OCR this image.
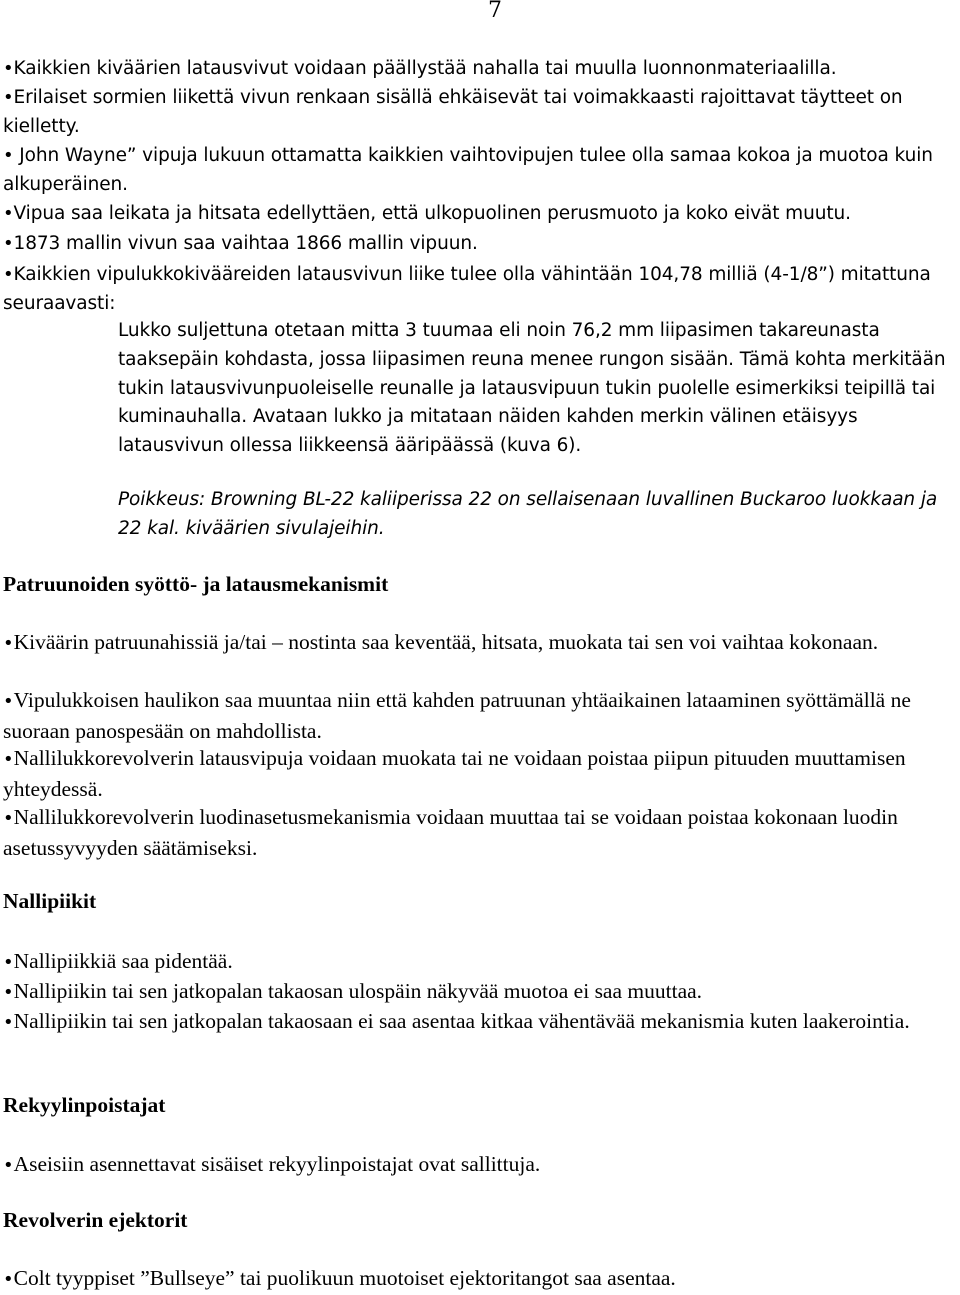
7

•Kaikkien kiväärien latausvivut voidaan päällystää nahalla tai muulla luonnonmateriaalilla.

•Erilaiset sormien liikettä vivun renkaan sisällä ehkäisevät tai voimakkaasti rajoittavat täytteet on kielletty.

• John Wayne” vipuja lukuun ottamatta kaikkien vaihtovipujen tulee olla samaa kokoa ja muotoa kuin alkuperäinen.

•Vipua saa leikata ja hitsata edellyttäen, että ulkopuolinen perusmuoto ja koko eivät muutu.

•1873 mallin vivun saa vaihtaa 1866 mallin vipuun.

•Kaikkien vipulukkokivääreiden latausvivun liike tulee olla vähintään 104,78 milliä (4-1/8”) mitattuna seuraavasti:

Lukko suljettuna otetaan mitta 3 tuumaa eli noin 76,2 mm liipasimen takareunasta taaksepäin kohdasta, jossa liipasimen reuna menee rungon sisään. Tämä kohta merkitään tukin latausvivunpuoleiselle reunalle ja latausvipuun tukin puolelle esimerkiksi teipillä tai kuminauhalla. Avataan lukko ja mitataan näiden kahden merkin välinen etäisyys latausvivun ollessa liikkeensä ääripäässä (kuva 6).

Poikkeus: Browning BL-22 kaliiperissa 22 on sellaisenaan luvallinen Buckaroo luokkaan ja 22 kal. kiväärien sivulajeihin.

Patruunoiden syöttö- ja latausmekanismit

•Kiväärin patruunahissiä ja/tai – nostinta saa keventää, hitsata, muokata tai sen voi vaihtaa kokonaan.

•Vipulukkoisen haulikon saa muuntaa niin että kahden patruunan yhtäaikainen lataaminen syöttämällä ne suoraan panospesään on mahdollista.

•Nallilukkorevolverin latausvipuja voidaan muokata tai ne voidaan poistaa piipun pituuden muuttamisen yhteydessä.

•Nallilukkorevolverin luodinasetusmekanismia voidaan muuttaa tai se voidaan poistaa kokonaan luodin asetussyvyyden säätämiseksi.

Nallipiikit

•Nallipiikkiä saa pidentää.

•Nallipiikin tai sen jatkopalan takaosan ulospäin näkyvää muotoa ei saa muuttaa.

•Nallipiikin tai sen jatkopalan takaosaan ei saa asentaa kitkaa vähentävää mekanismia kuten laakerointia.

Rekyylinpoistajat

•Aseisiin asennettavat sisäiset rekyylinpoistajat ovat sallittuja.

Revolverin ejektorit

•Colt tyyppiset ”Bullseye” tai puolikuun muotoiset ejektoritangot saa asentaa.
